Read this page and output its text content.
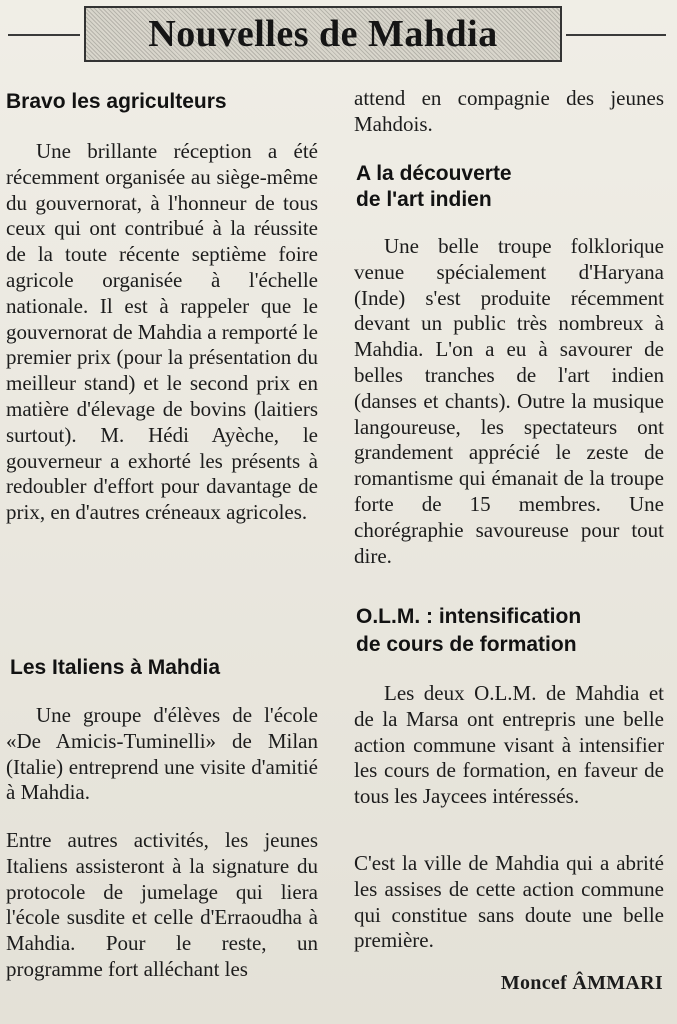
Nouvelles de Mahdia
Bravo les agriculteurs

Une brillante réception a été récemment organisée au siège-même du gouvernorat, à l'honneur de tous ceux qui ont contribué à la réussite de la toute récente septième foire agricole organisée à l'échelle nationale. Il est à rappeler que le gouvernorat de Mahdia a remporté le premier prix (pour la présentation du meilleur stand) et le second prix en matière d'élevage de bovins (laitiers surtout). M. Hédi Ayèche, le gouverneur a exhorté les présents à redoubler d'effort pour davantage de prix, en d'autres créneaux agricoles.

Les Italiens à Mahdia

Une groupe d'élèves de l'école «De Amicis-Tuminelli» de Milan (Italie) entreprend une visite d'amitié à Mahdia.

Entre autres activités, les jeunes Italiens assisteront à la signature du protocole de jumelage qui liera l'école susdite et celle d'Erraoudha à Mahdia. Pour le reste, un programme fort alléchant les

attend en compagnie des jeunes Mahdois.

A la découverte
de l'art indien

Une belle troupe folklorique venue spécialement d'Haryana (Inde) s'est produite récemment devant un public très nombreux à Mahdia. L'on a eu à savourer de belles tranches de l'art indien (danses et chants). Outre la musique langoureuse, les spectateurs ont grandement apprécié le zeste de romantisme qui émanait de la troupe forte de 15 membres. Une chorégraphie savoureuse pour tout dire.

O.L.M. : intensification
de cours de formation

Les deux O.L.M. de Mahdia et de la Marsa ont entrepris une belle action commune visant à intensifier les cours de formation, en faveur de tous les Jaycees intéressés.

C'est la ville de Mahdia qui a abrité les assises de cette action commune qui constitue sans doute une belle première.

Moncef ÂMMARI
